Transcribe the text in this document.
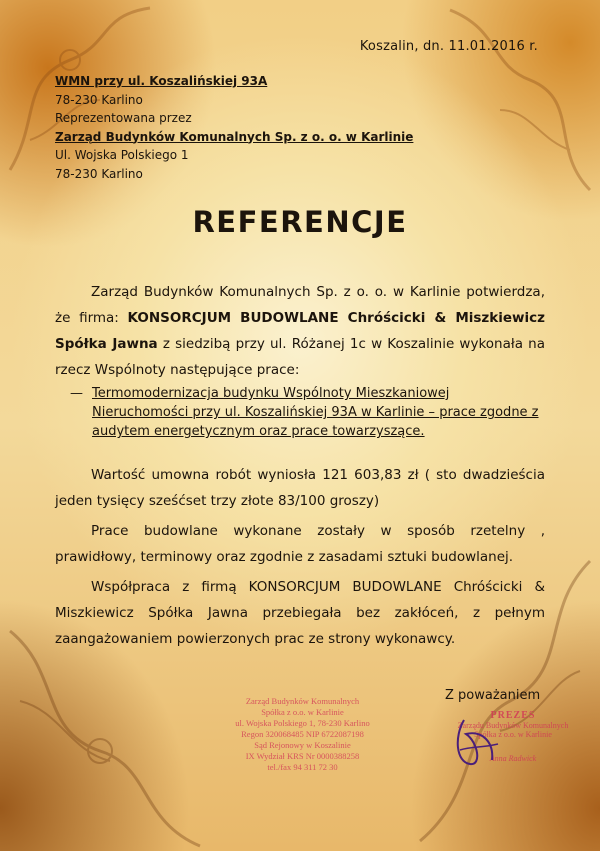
Koszalin, dn. 11.01.2016 r.
WMN przy ul. Koszalińskiej 93A
78-230 Karlino
Reprezentowana przez
Zarząd Budynków Komunalnych Sp. z o. o. w Karlinie
Ul. Wojska Polskiego 1
78-230 Karlino
REFERENCJE
Zarząd Budynków Komunalnych Sp. z o. o. w Karlinie potwierdza, że firma: KONSORCJUM BUDOWLANE Chróścicki & Miszkiewicz Spółka Jawna z siedzibą przy ul. Różanej 1c w Koszalinie wykonała na rzecz Wspólnoty następujące prace:
— Termomodernizacja budynku Wspólnoty Mieszkaniowej Nieruchomości przy ul. Koszalińskiej 93A w Karlinie – prace zgodne z audytem energetycznym oraz prace towarzyszące.
Wartość umowna robót wyniosła 121 603,83 zł ( sto dwadzieścia jeden tysięcy sześćset trzy złote 83/100 groszy)
Prace budowlane wykonane zostały w sposób rzetelny , prawidłowy, terminowy oraz zgodnie z zasadami sztuki budowlanej.
Współpraca z firmą KONSORCJUM BUDOWLANE Chróścicki & Miszkiewicz Spółka Jawna przebiegała bez zakłóceń, z pełnym zaangażowaniem powierzonych prac ze strony wykonawcy.
Z poważaniem
Zarząd Budynków Komunalnych
Spółka z o.o. w Karlinie
ul. Wojska Polskiego 1, 78-230 Karlino
Regon 320068485 NIP 6722087198
Sąd Rejonowy w Koszalinie
IX Wydział KRS Nr 0000388258
tel./fax 94 311 72 30
PREZES
Zarządu Budynków Komunalnych
Spółka z o.o. w Karlinie
Anna Radwick
